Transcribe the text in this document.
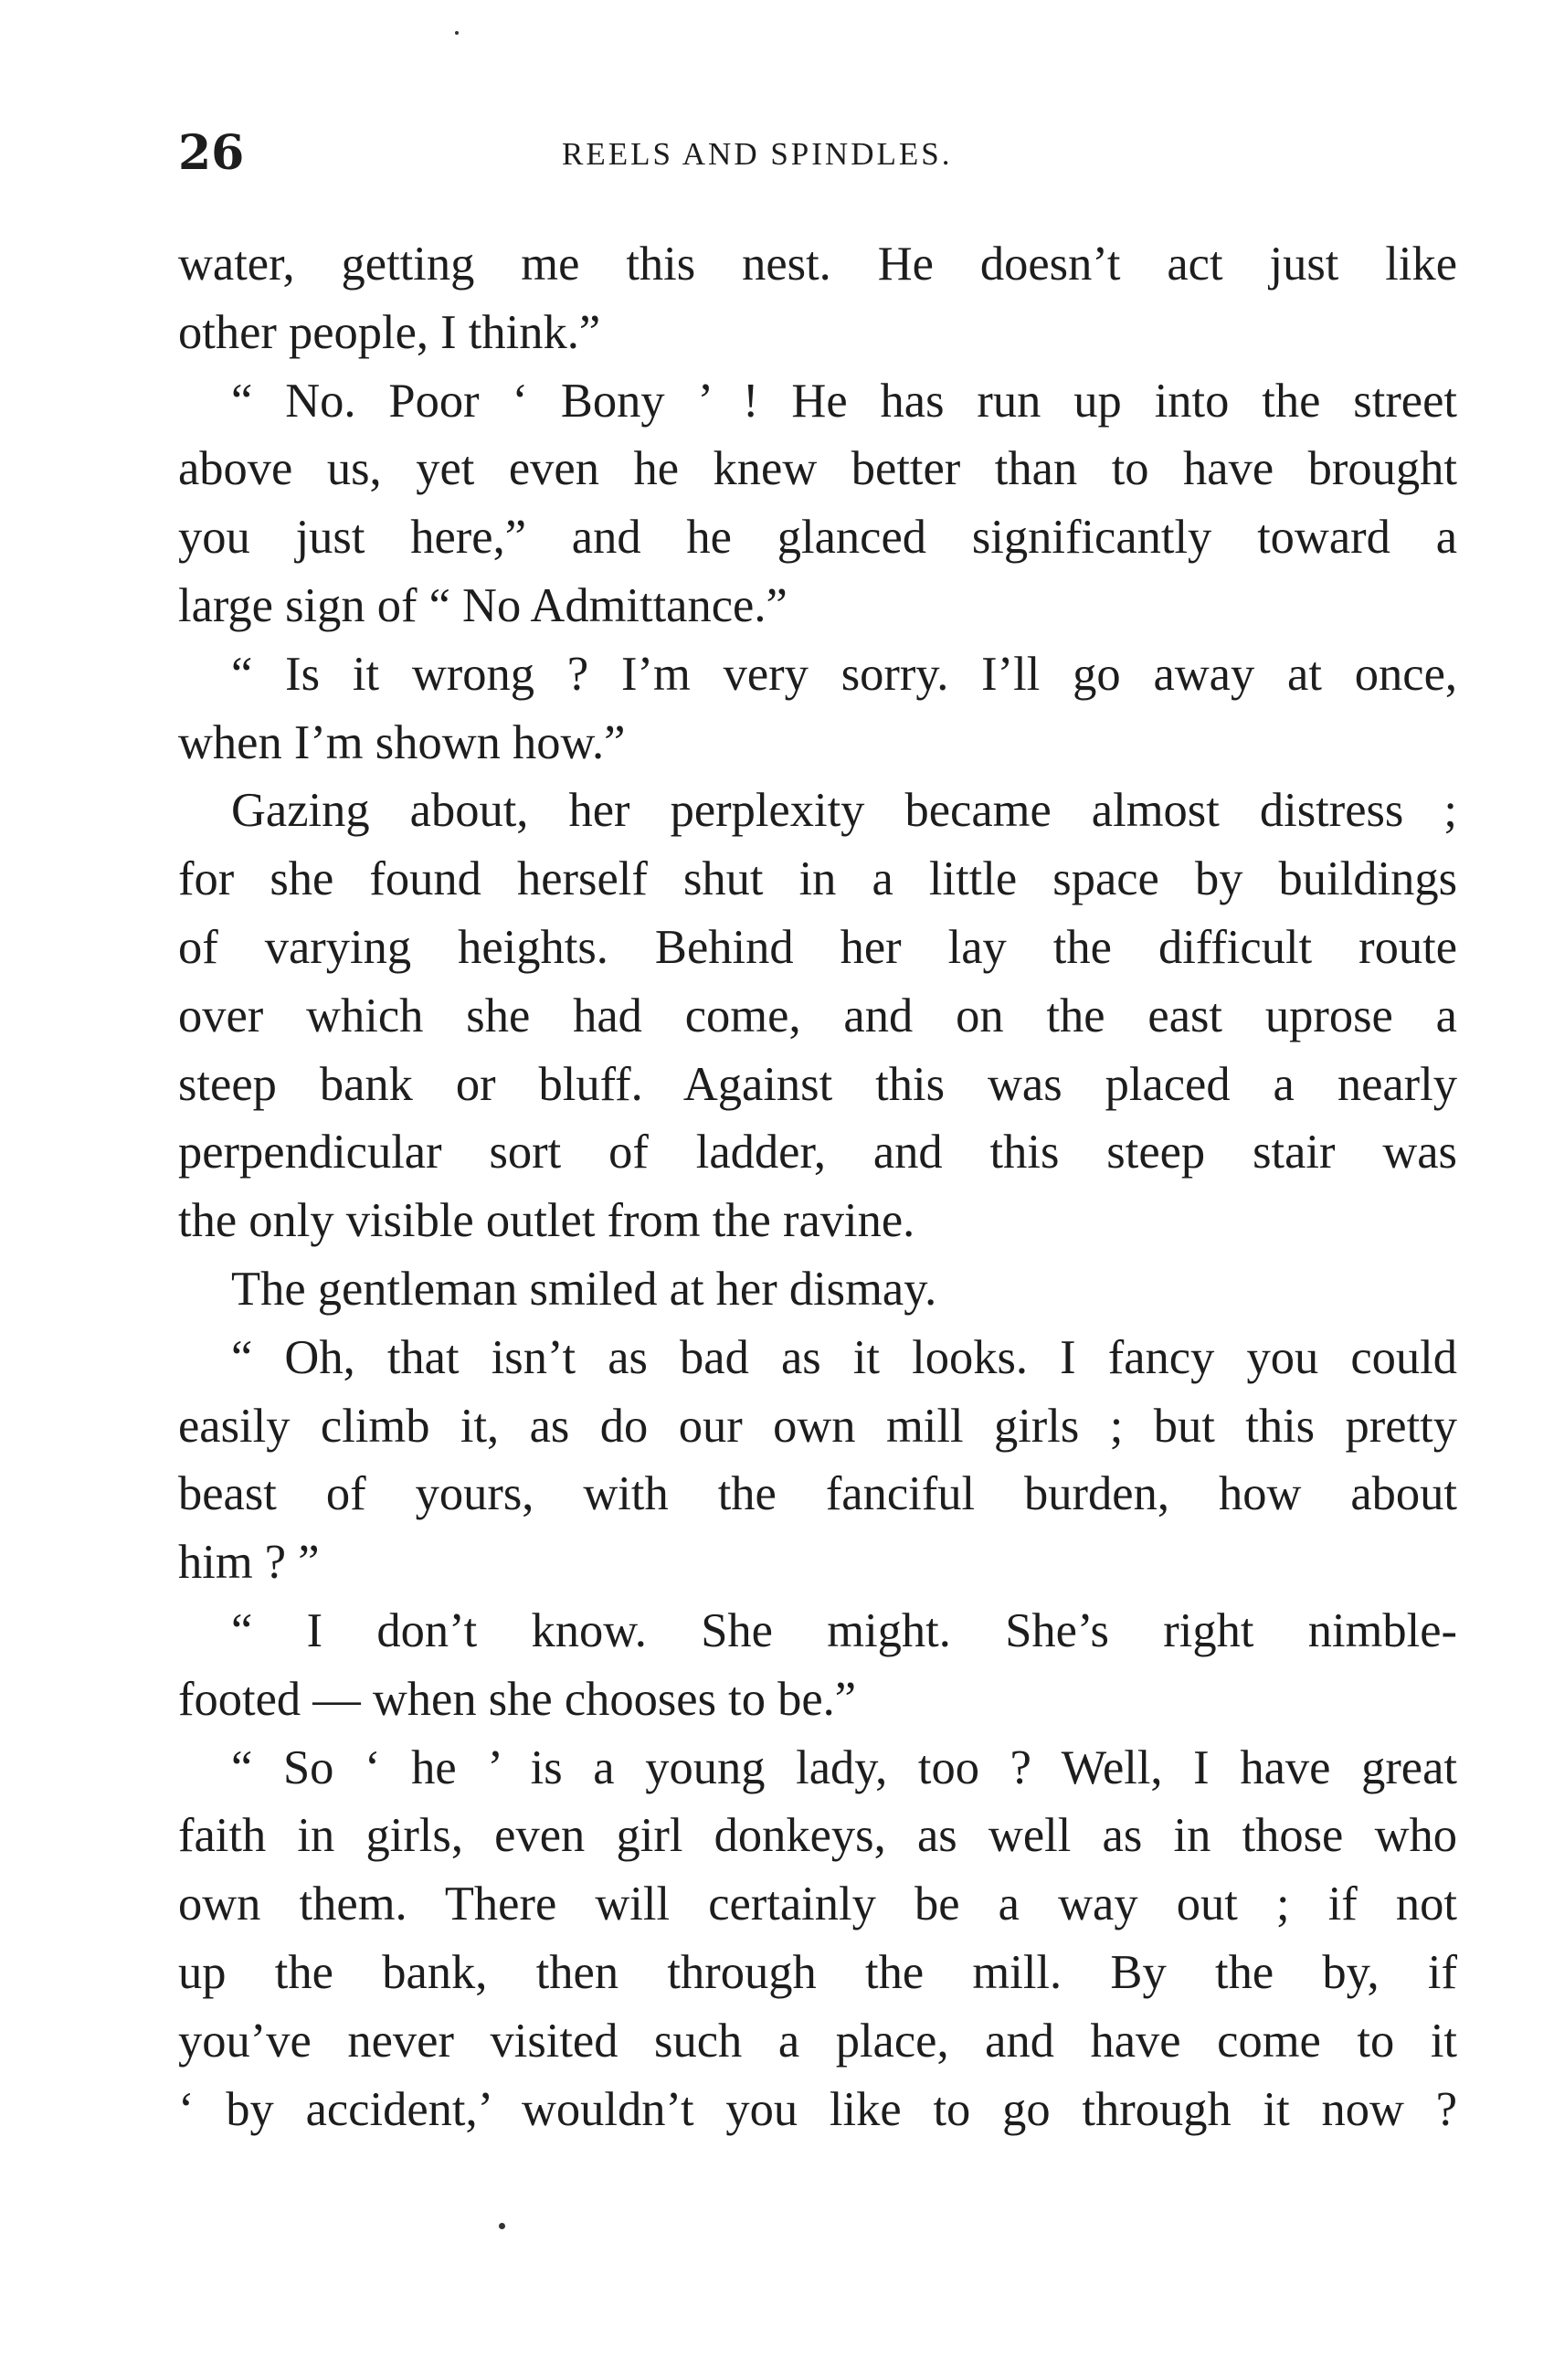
26	REELS AND SPINDLES.
water, getting me this nest. He doesn’t act just like
other people, I think.”
“ No. Poor ‘ Bony ’ ! He has run up into the street
above us, yet even he knew better than to have brought
you just here,” and he glanced significantly toward a
large sign of “ No Admittance.”
“ Is it wrong ? I’m very sorry. I’ll go away at once,
when I’m shown how.”
Gazing about, her perplexity became almost distress ;
for she found herself shut in a little space by buildings
of varying heights. Behind her lay the difficult route
over which she had come, and on the east uprose a
steep bank or bluff. Against this was placed a nearly
perpendicular sort of ladder, and this steep stair was
the only visible outlet from the ravine.
The gentleman smiled at her dismay.
“ Oh, that isn’t as bad as it looks. I fancy you could
easily climb it, as do our own mill girls ; but this pretty
beast of yours, with the fanciful burden, how about
him ? ”
“ I don’t know. She might. She’s right nimble-
footed — when she chooses to be.”
“ So ‘ he ’ is a young lady, too ? Well, I have great
faith in girls, even girl donkeys, as well as in those who
own them. There will certainly be a way out ; if not
up the bank, then through the mill. By the by, if
you’ve never visited such a place, and have come to it
‘ by accident,’ wouldn’t you like to go through it now ?
